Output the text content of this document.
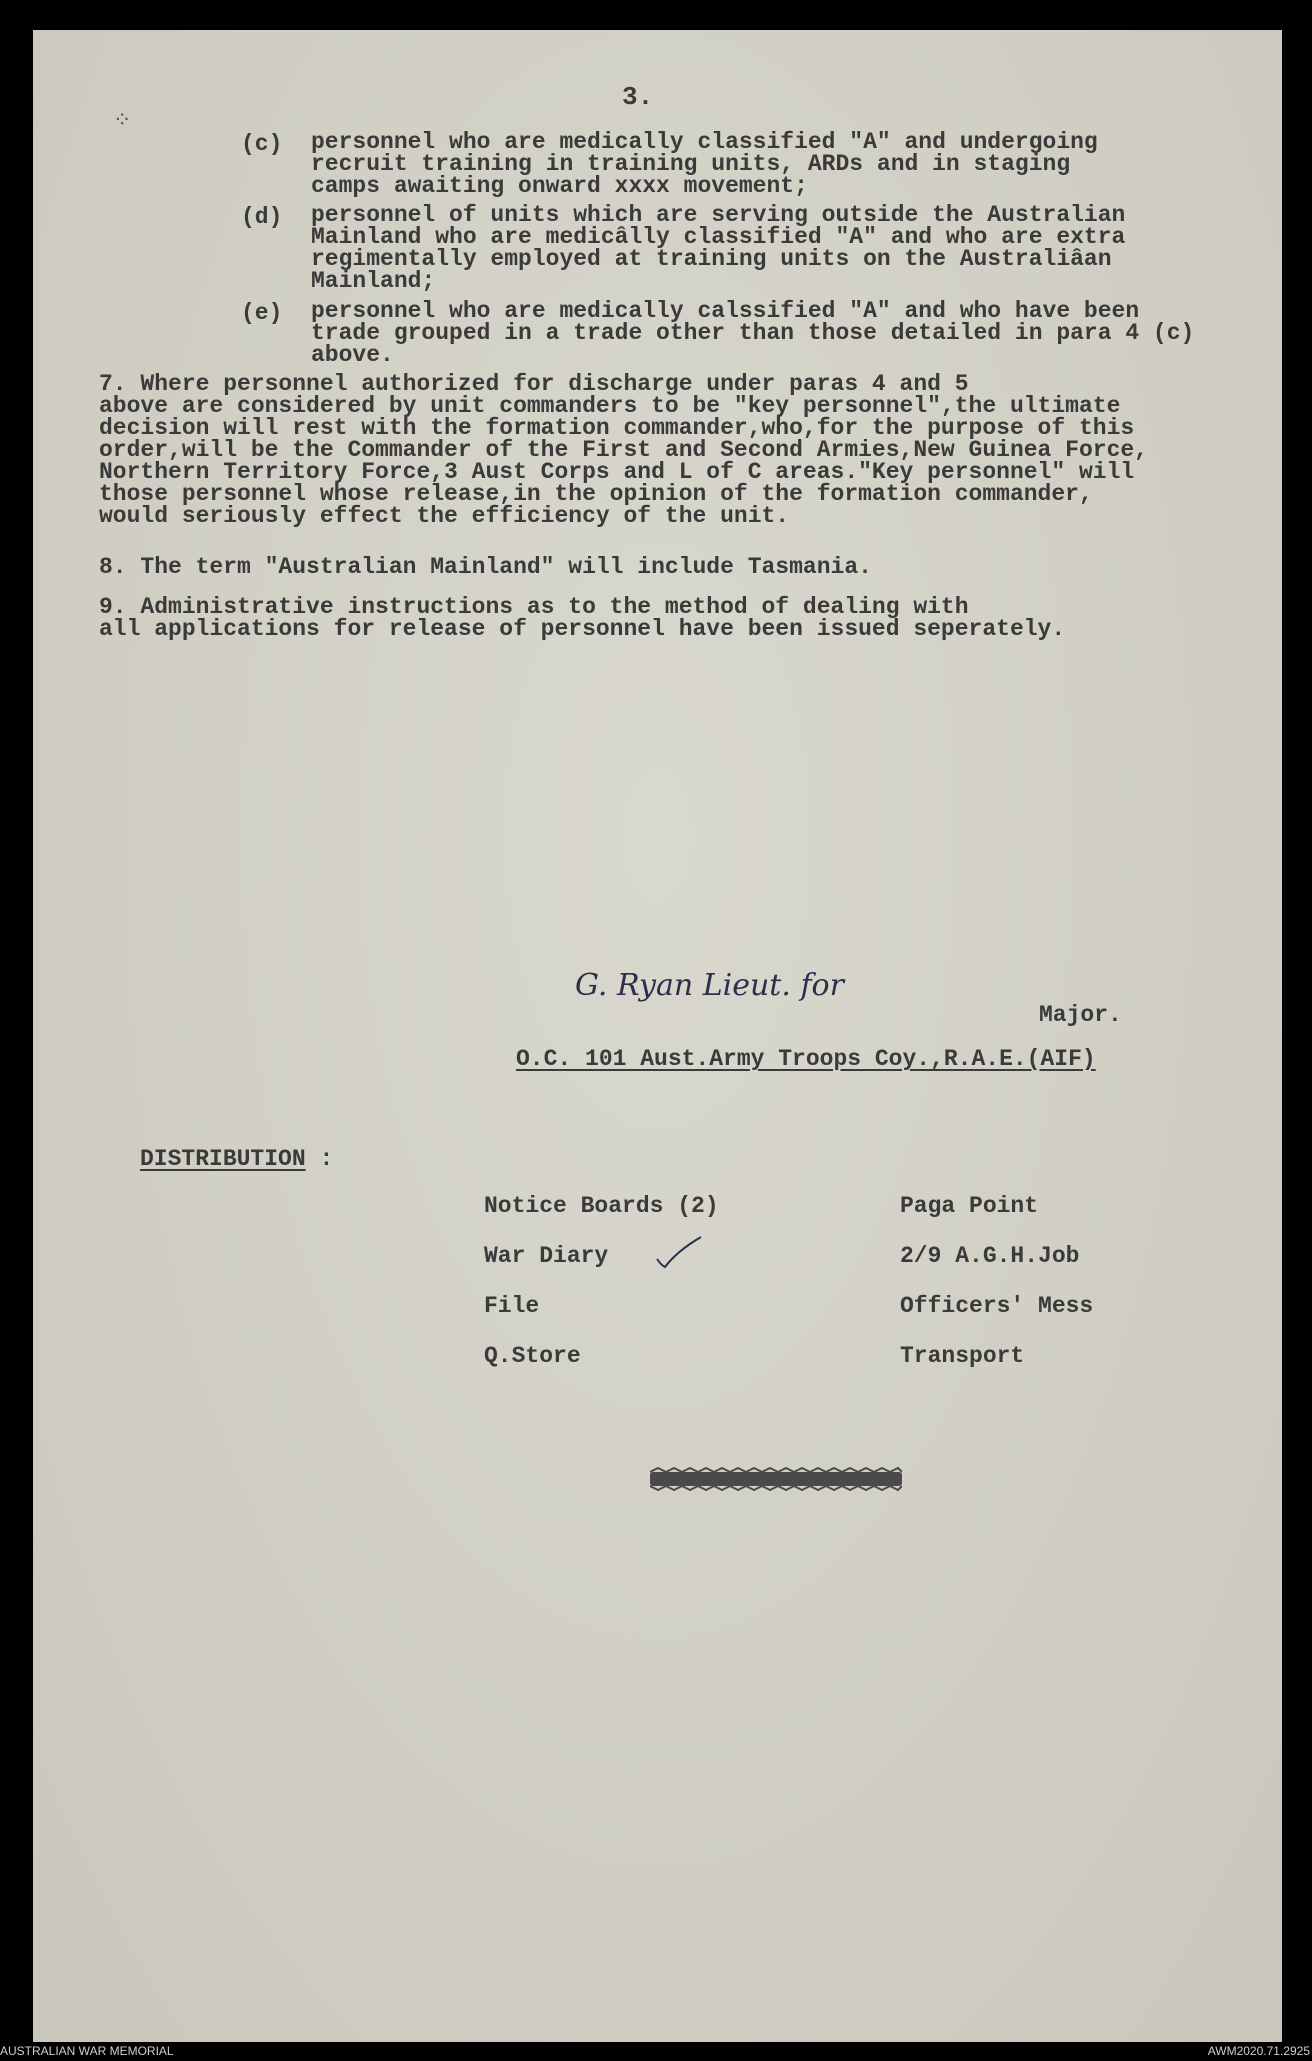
3.
⁘
(c) personnel who are medically classified "A" and undergoing
recruit training in training units, ARDs and in staging
camps awaiting onward xxxx movement;
(d) personnel of units which are serving outside the Australian
Mainland who are medicâlly classified "A" and who are extra
regimentally employed at training units on the Australiâan
Mainland;
(e) personnel who are medically calssified "A" and who have been
trade grouped in a trade other than those detailed in para 4 (c)
above.
7. Where personnel authorized for discharge under paras 4 and 5
above are considered by unit commanders to be "key personnel",the ultimate
decision will rest with the formation commander,who,for the purpose of this
order,will be the Commander of the First and Second Armies,New Guinea Force,
Northern Territory Force,3 Aust Corps and L of C areas."Key personnel" will
those personnel whose release,in the opinion of the formation commander,
would seriously effect the efficiency of the unit.
8. The term "Australian Mainland" will include Tasmania.
9. Administrative instructions as to the method of dealing with
all applications for release of personnel have been issued seperately.
G. Ryan Lieut. for
Major.
O.C. 101 Aust.Army Troops Coy.,R.A.E.(AIF)
DISTRIBUTION :
Notice Boards (2)
War Diary
File
Q.Store
Paga Point
2/9 A.G.H.Job
Officers' Mess
Transport
AUSTRALIAN WAR MEMORIAL	AWM2020.71.2925
